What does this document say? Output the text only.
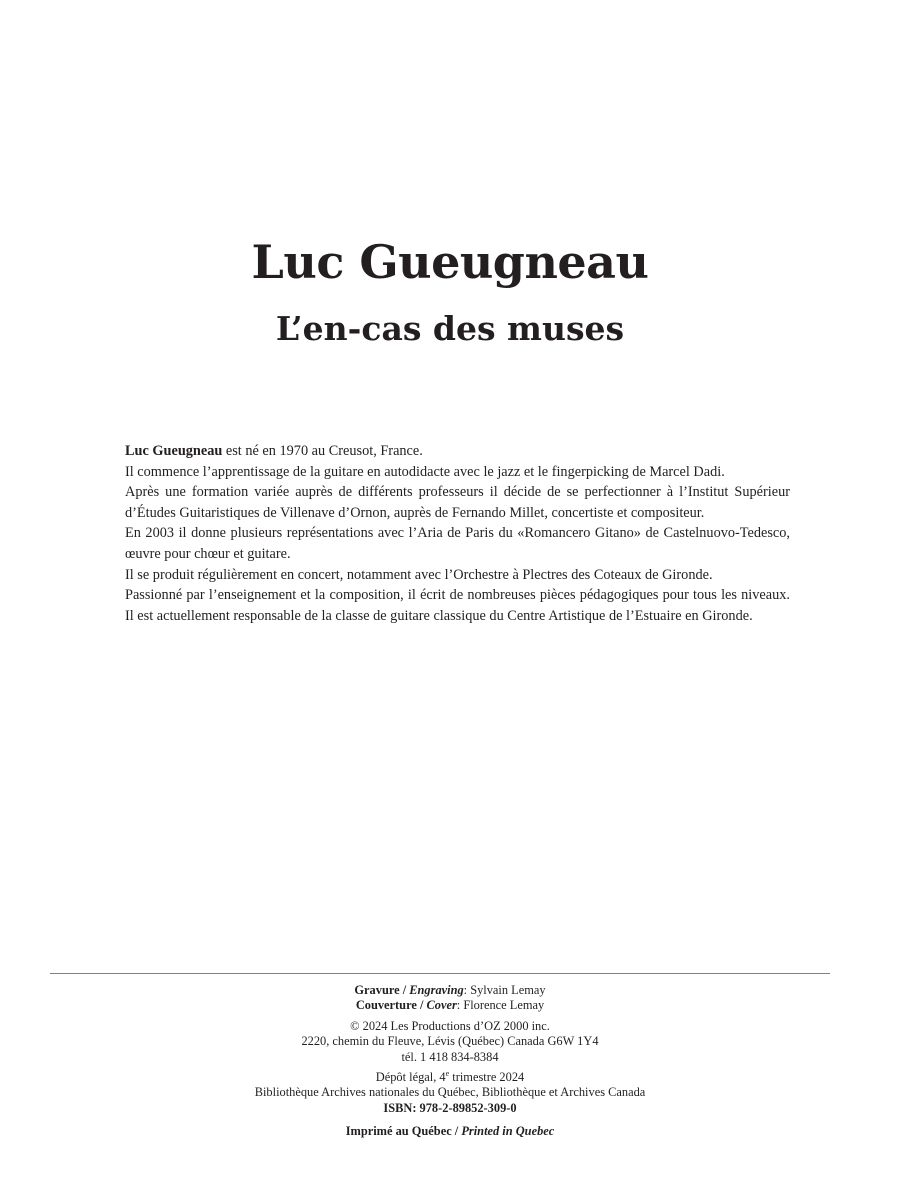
Luc Gueugneau
L’en-cas des muses

Luc Gueugneau est né en 1970 au Creusot, France.

Il commence l’apprentissage de la guitare en autodidacte avec le jazz et le fingerpicking de Marcel Dadi.

Après une formation variée auprès de différents professeurs il décide de se perfectionner à l’Institut Supérieur d’Études Guitaristiques de Villenave d’Ornon, auprès de Fernando Millet, concertiste et compositeur.

En 2003 il donne plusieurs représentations avec l’Aria de Paris du «Romancero Gitano» de Castelnuovo-Tedesco, œuvre pour chœur et guitare.

Il se produit régulièrement en concert, notamment avec l’Orchestre à Plectres des Coteaux de Gironde.

Passionné par l’enseignement et la composition, il écrit de nombreuses pièces pédagogiques pour tous les niveaux. Il est actuellement responsable de la classe de guitare classique du Centre Artistique de l’Estuaire en Gironde.

Gravure / Engraving: Sylvain Lemay
Couverture / Cover: Florence Lemay
© 2024 Les Productions d’OZ 2000 inc.
2220, chemin du Fleuve, Lévis (Québec) Canada G6W 1Y4
tél. 1 418 834-8384
Dépôt légal, 4e trimestre 2024
Bibliothèque Archives nationales du Québec, Bibliothèque et Archives Canada
ISBN: 978-2-89852-309-0
Imprimé au Québec / Printed in Quebec
